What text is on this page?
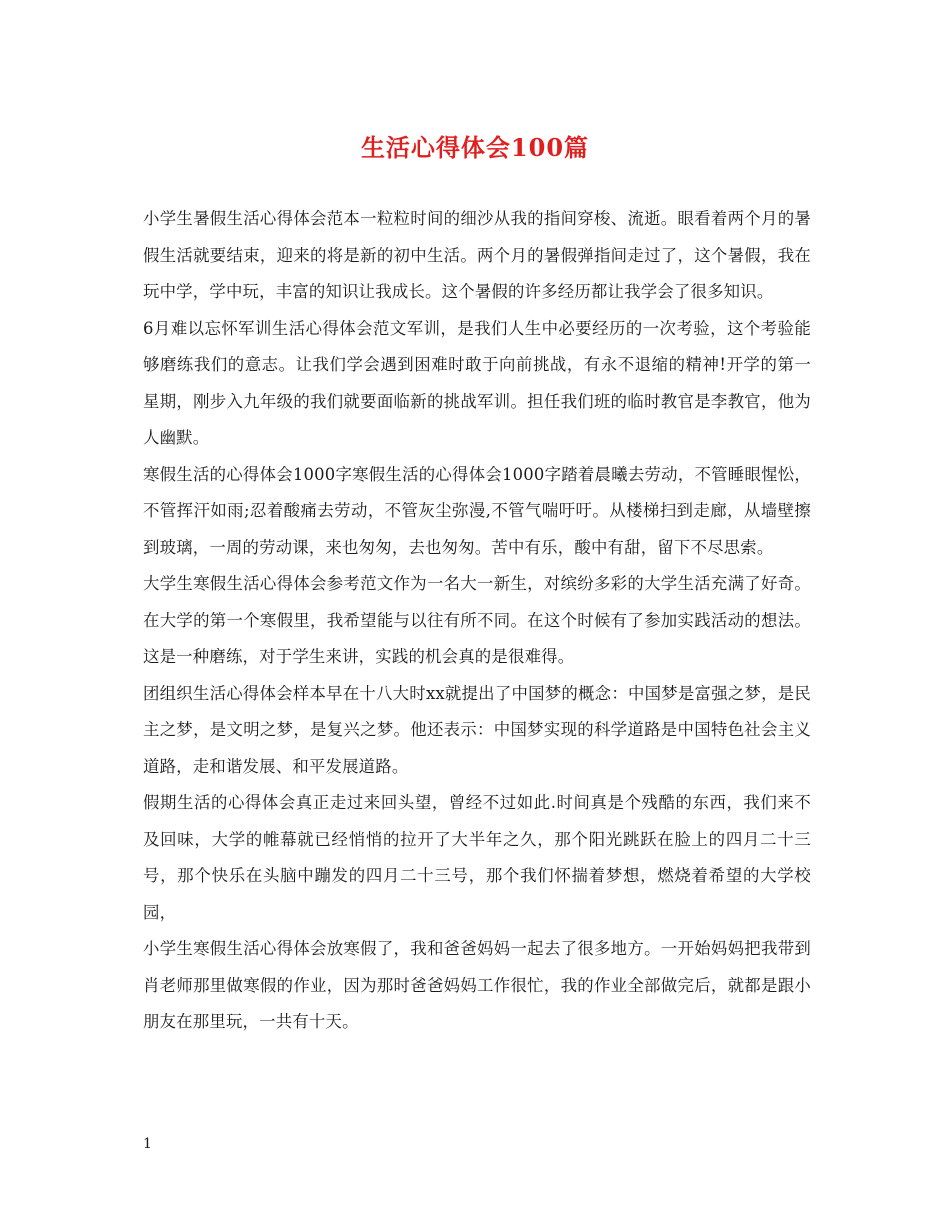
生活心得体会100篇

小学生暑假生活心得体会范本一粒粒时间的细沙从我的指间穿梭、流逝。眼看着两个月的暑假生活就要结束，迎来的将是新的初中生活。两个月的暑假弹指间走过了，这个暑假，我在玩中学，学中玩，丰富的知识让我成长。这个暑假的许多经历都让我学会了很多知识。

6月难以忘怀军训生活心得体会范文军训，是我们人生中必要经历的一次考验，这个考验能够磨练我们的意志。让我们学会遇到困难时敢于向前挑战，有永不退缩的精神!开学的第一星期，刚步入九年级的我们就要面临新的挑战军训。担任我们班的临时教官是李教官，他为人幽默。

寒假生活的心得体会1000字寒假生活的心得体会1000字踏着晨曦去劳动，不管睡眼惺忪，不管挥汗如雨;忍着酸痛去劳动，不管灰尘弥漫,不管气喘吁吁。从楼梯扫到走廊，从墙壁擦到玻璃，一周的劳动课，来也匆匆，去也匆匆。苦中有乐，酸中有甜，留下不尽思索。

大学生寒假生活心得体会参考范文作为一名大一新生，对缤纷多彩的大学生活充满了好奇。在大学的第一个寒假里，我希望能与以往有所不同。在这个时候有了参加实践活动的想法。这是一种磨练，对于学生来讲，实践的机会真的是很难得。

团组织生活心得体会样本早在十八大时xx就提出了中国梦的概念：中国梦是富强之梦，是民主之梦，是文明之梦，是复兴之梦。他还表示：中国梦实现的科学道路是中国特色社会主义道路，走和谐发展、和平发展道路。

假期生活的心得体会真正走过来回头望，曾经不过如此.时间真是个残酷的东西，我们来不及回味，大学的帷幕就已经悄悄的拉开了大半年之久，那个阳光跳跃在脸上的四月二十三号，那个快乐在头脑中蹦发的四月二十三号，那个我们怀揣着梦想，燃烧着希望的大学校园，

小学生寒假生活心得体会放寒假了，我和爸爸妈妈一起去了很多地方。一开始妈妈把我带到肖老师那里做寒假的作业，因为那时爸爸妈妈工作很忙，我的作业全部做完后，就都是跟小朋友在那里玩，一共有十天。

1
